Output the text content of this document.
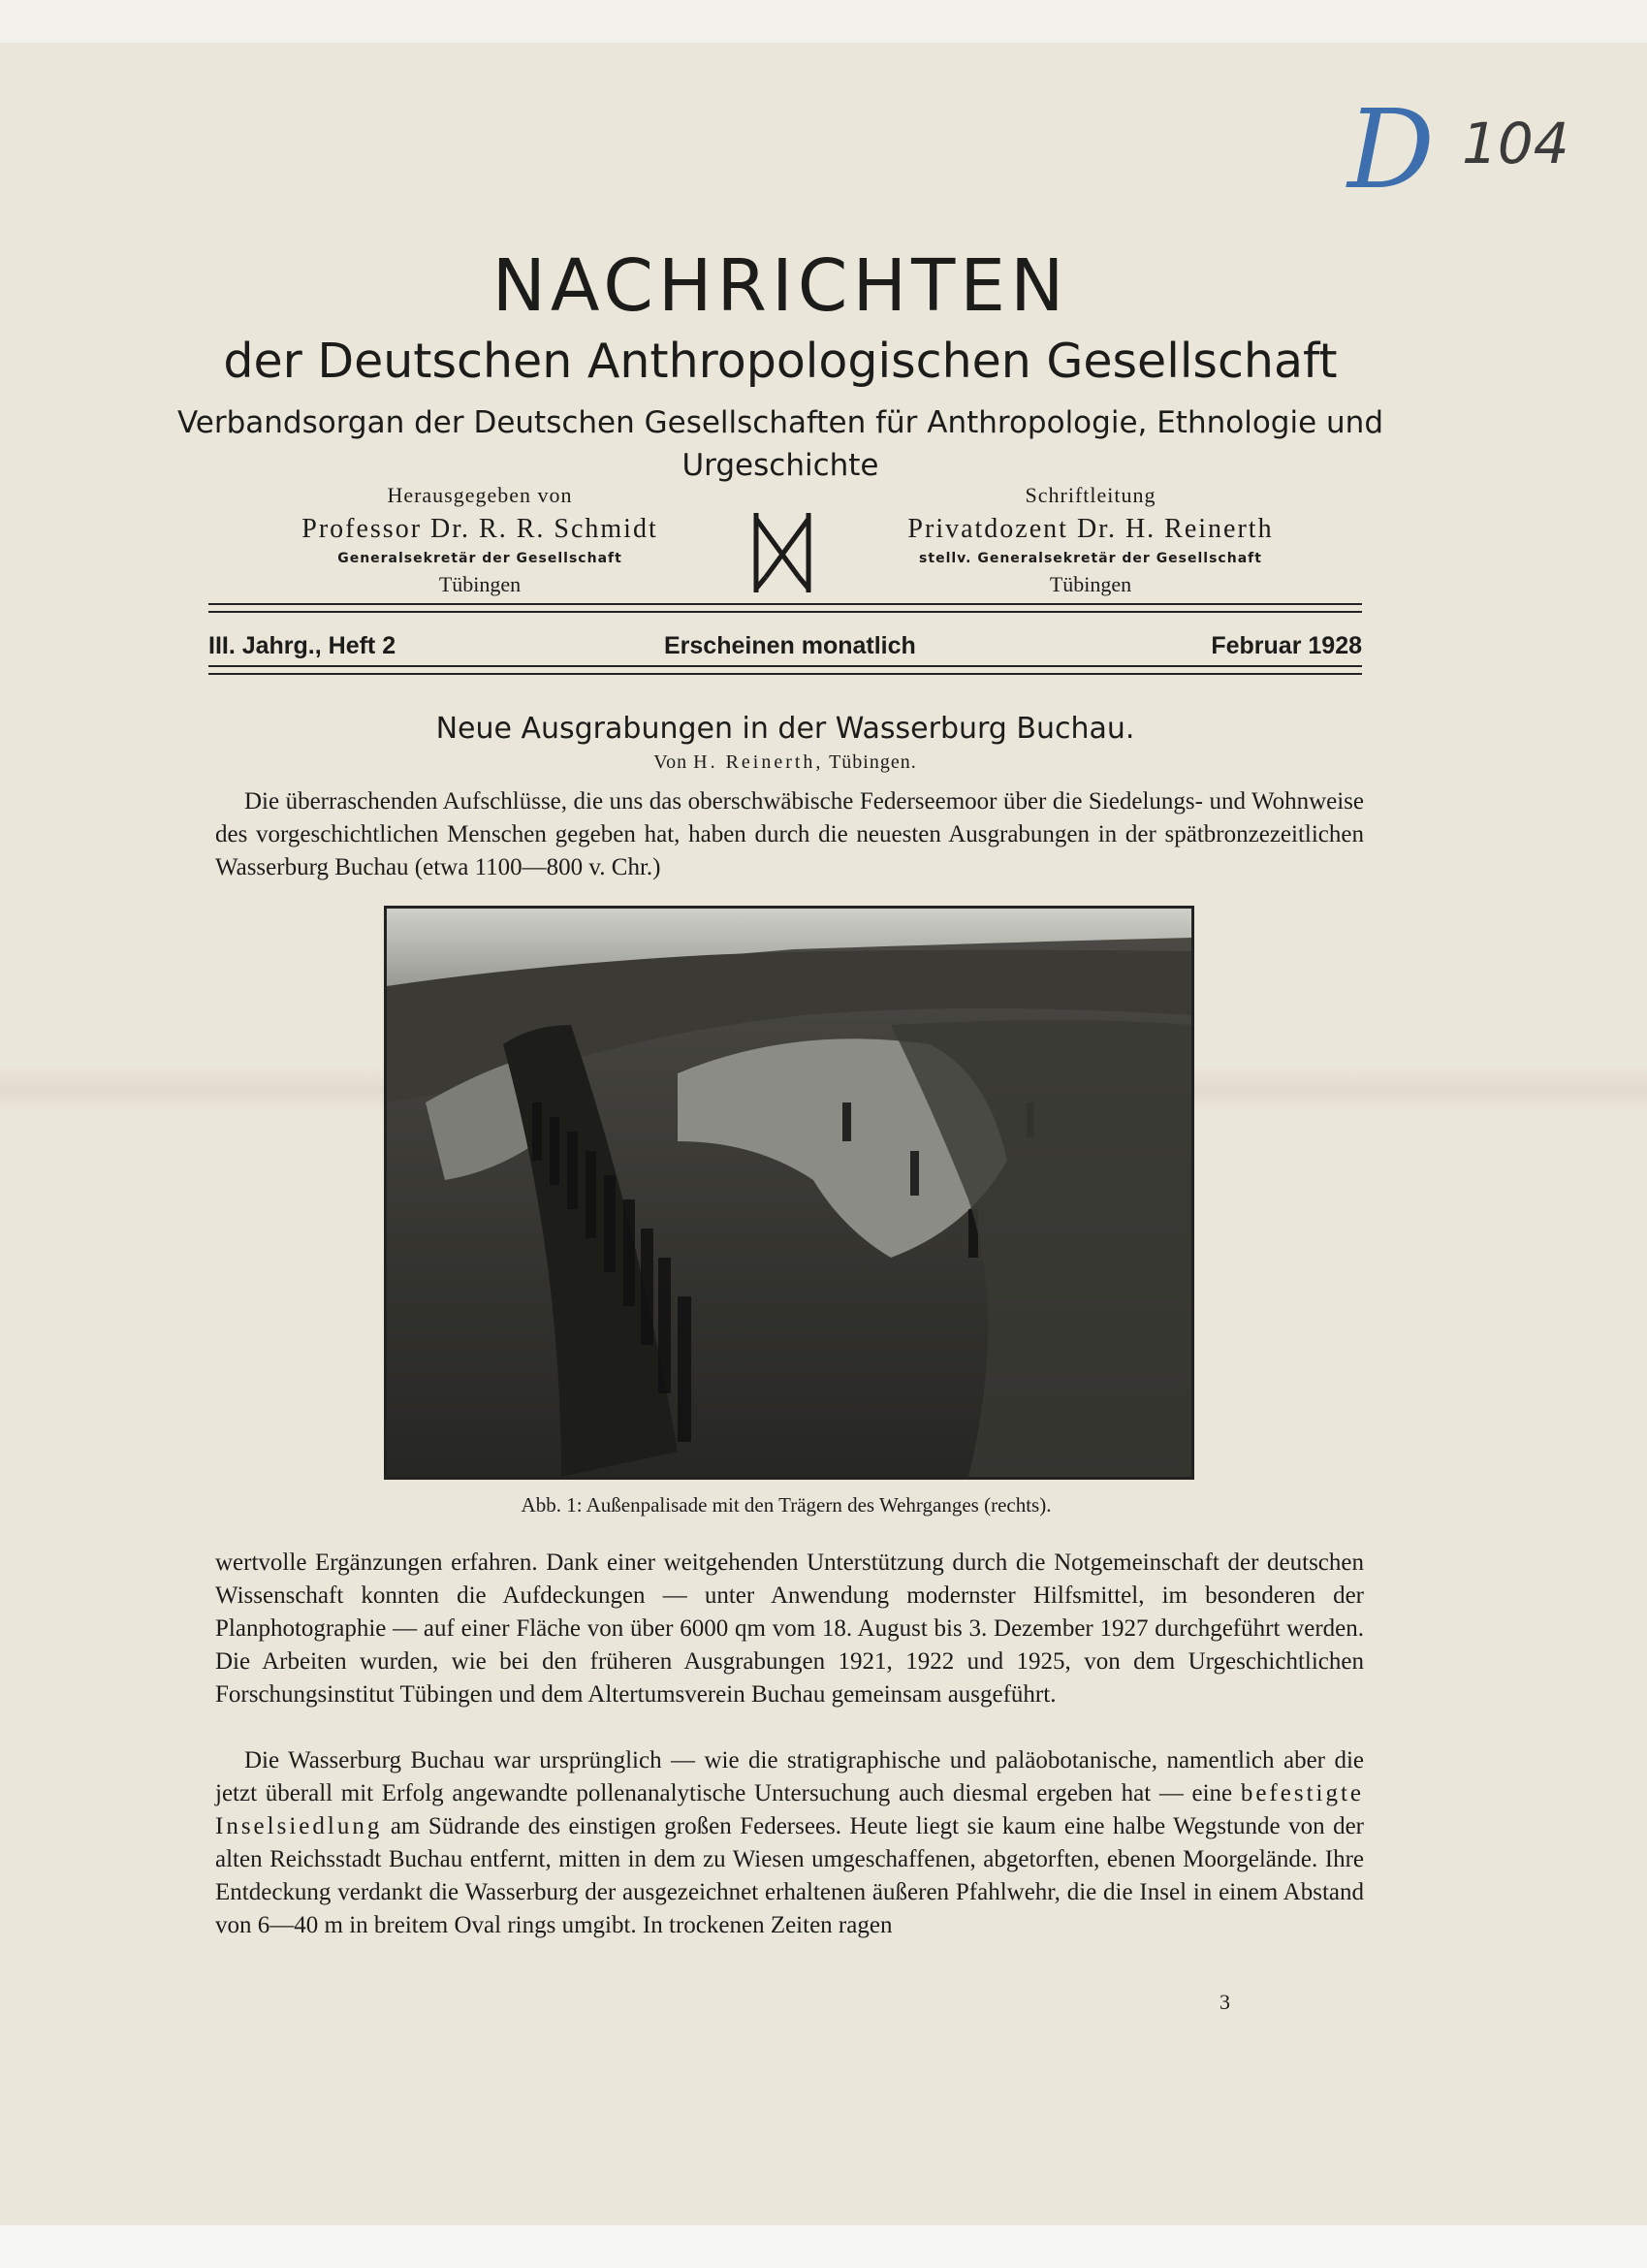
D 104
NACHRICHTEN
der Deutschen Anthropologischen Gesellschaft
Verbandsorgan der Deutschen Gesellschaften für Anthropologie, Ethnologie und Urgeschichte
Herausgegeben von
Professor Dr. R. R. Schmidt
Generalsekretär der Gesellschaft
Tübingen
Schriftleitung
Privatdozent Dr. H. Reinerth
stellv. Generalsekretär der Gesellschaft
Tübingen
III. Jahrg., Heft 2	Erscheinen monatlich	Februar 1928
Neue Ausgrabungen in der Wasserburg Buchau.
Von H. Reinerth, Tübingen.

Die überraschenden Aufschlüsse, die uns das oberschwäbische Federseemoor über die Siedelungs- und Wohnweise des vorgeschichtlichen Menschen gegeben hat, haben durch die neuesten Ausgrabungen in der spätbronzezeitlichen Wasserburg Buchau (etwa 1100—800 v. Chr.)

Abb. 1: Außenpalisade mit den Trägern des Wehrganges (rechts).

wertvolle Ergänzungen erfahren. Dank einer weitgehenden Unterstützung durch die Notgemeinschaft der deutschen Wissenschaft konnten die Aufdeckungen — unter Anwendung modernster Hilfsmittel, im besonderen der Planphotographie — auf einer Fläche von über 6000 qm vom 18. August bis 3. Dezember 1927 durchgeführt werden. Die Arbeiten wurden, wie bei den früheren Ausgrabungen 1921, 1922 und 1925, von dem Urgeschichtlichen Forschungsinstitut Tübingen und dem Altertumsverein Buchau gemeinsam ausgeführt.

Die Wasserburg Buchau war ursprünglich — wie die stratigraphische und paläobotanische, namentlich aber die jetzt überall mit Erfolg angewandte pollenanalytische Untersuchung auch diesmal ergeben hat — eine befestigte Inselsiedlung am Südrande des einstigen großen Federsees. Heute liegt sie kaum eine halbe Wegstunde von der alten Reichsstadt Buchau entfernt, mitten in dem zu Wiesen umgeschaffenen, abgetorften, ebenen Moorgelände. Ihre Entdeckung verdankt die Wasserburg der ausgezeichnet erhaltenen äußeren Pfahlwehr, die die Insel in einem Abstand von 6—40 m in breitem Oval rings umgibt. In trockenen Zeiten ragen

3
